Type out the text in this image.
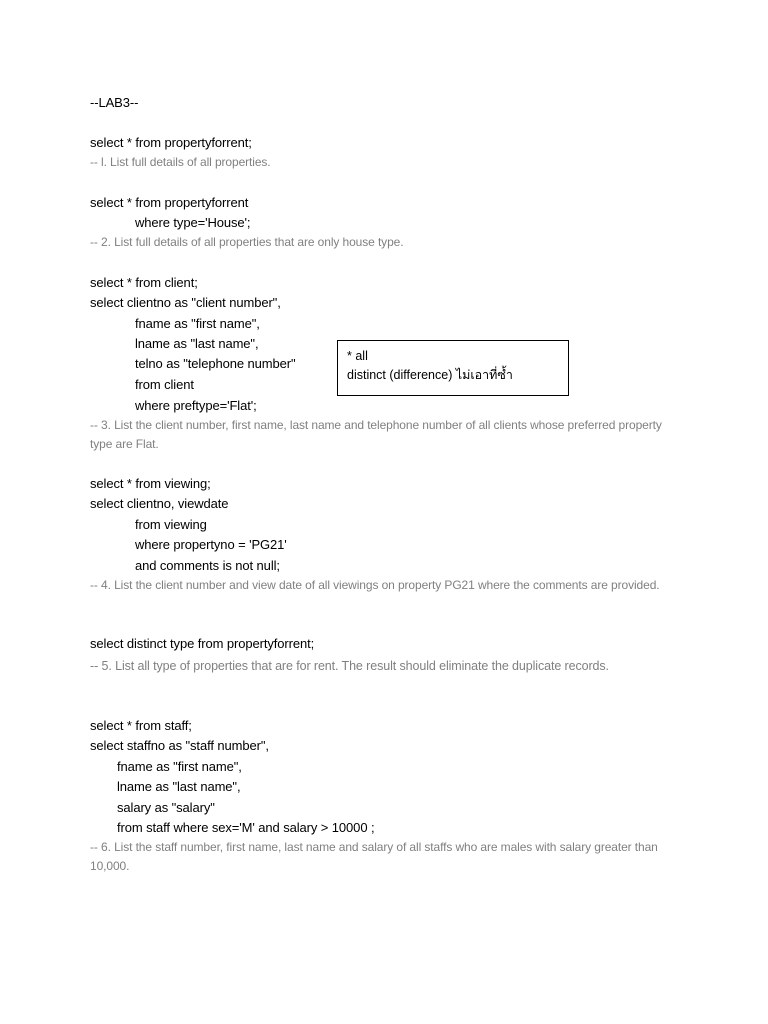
--LAB3--
select * from propertyforrent;
-- l. List full details of all properties.
select * from propertyforrent
where type='House';
-- 2. List full details of all properties that are only house type.
select * from client;
select clientno as "client number",
fname as "first name",
lname as "last name",
telno as "telephone number"
from client
where preftype='Flat';
-- 3. List the client number, first name, last name and telephone number of all clients whose preferred property type are Flat.
* all
distinct (difference) ไม่เอาที่ซ้ำ
select * from viewing;
select clientno, viewdate
from viewing
where propertyno = 'PG21'
and comments is not null;
-- 4. List the client number and view date of all viewings on property PG21 where the comments are provided.
select distinct type from propertyforrent;
-- 5. List all type of properties that are for rent. The result should eliminate the duplicate records.
select * from staff;
select staffno as "staff number",
fname as "first name",
lname as "last name",
salary as "salary"
from staff where sex='M' and salary > 10000 ;
-- 6. List the staff number, first name, last name and salary of all staffs who are males with salary greater than 10,000.
